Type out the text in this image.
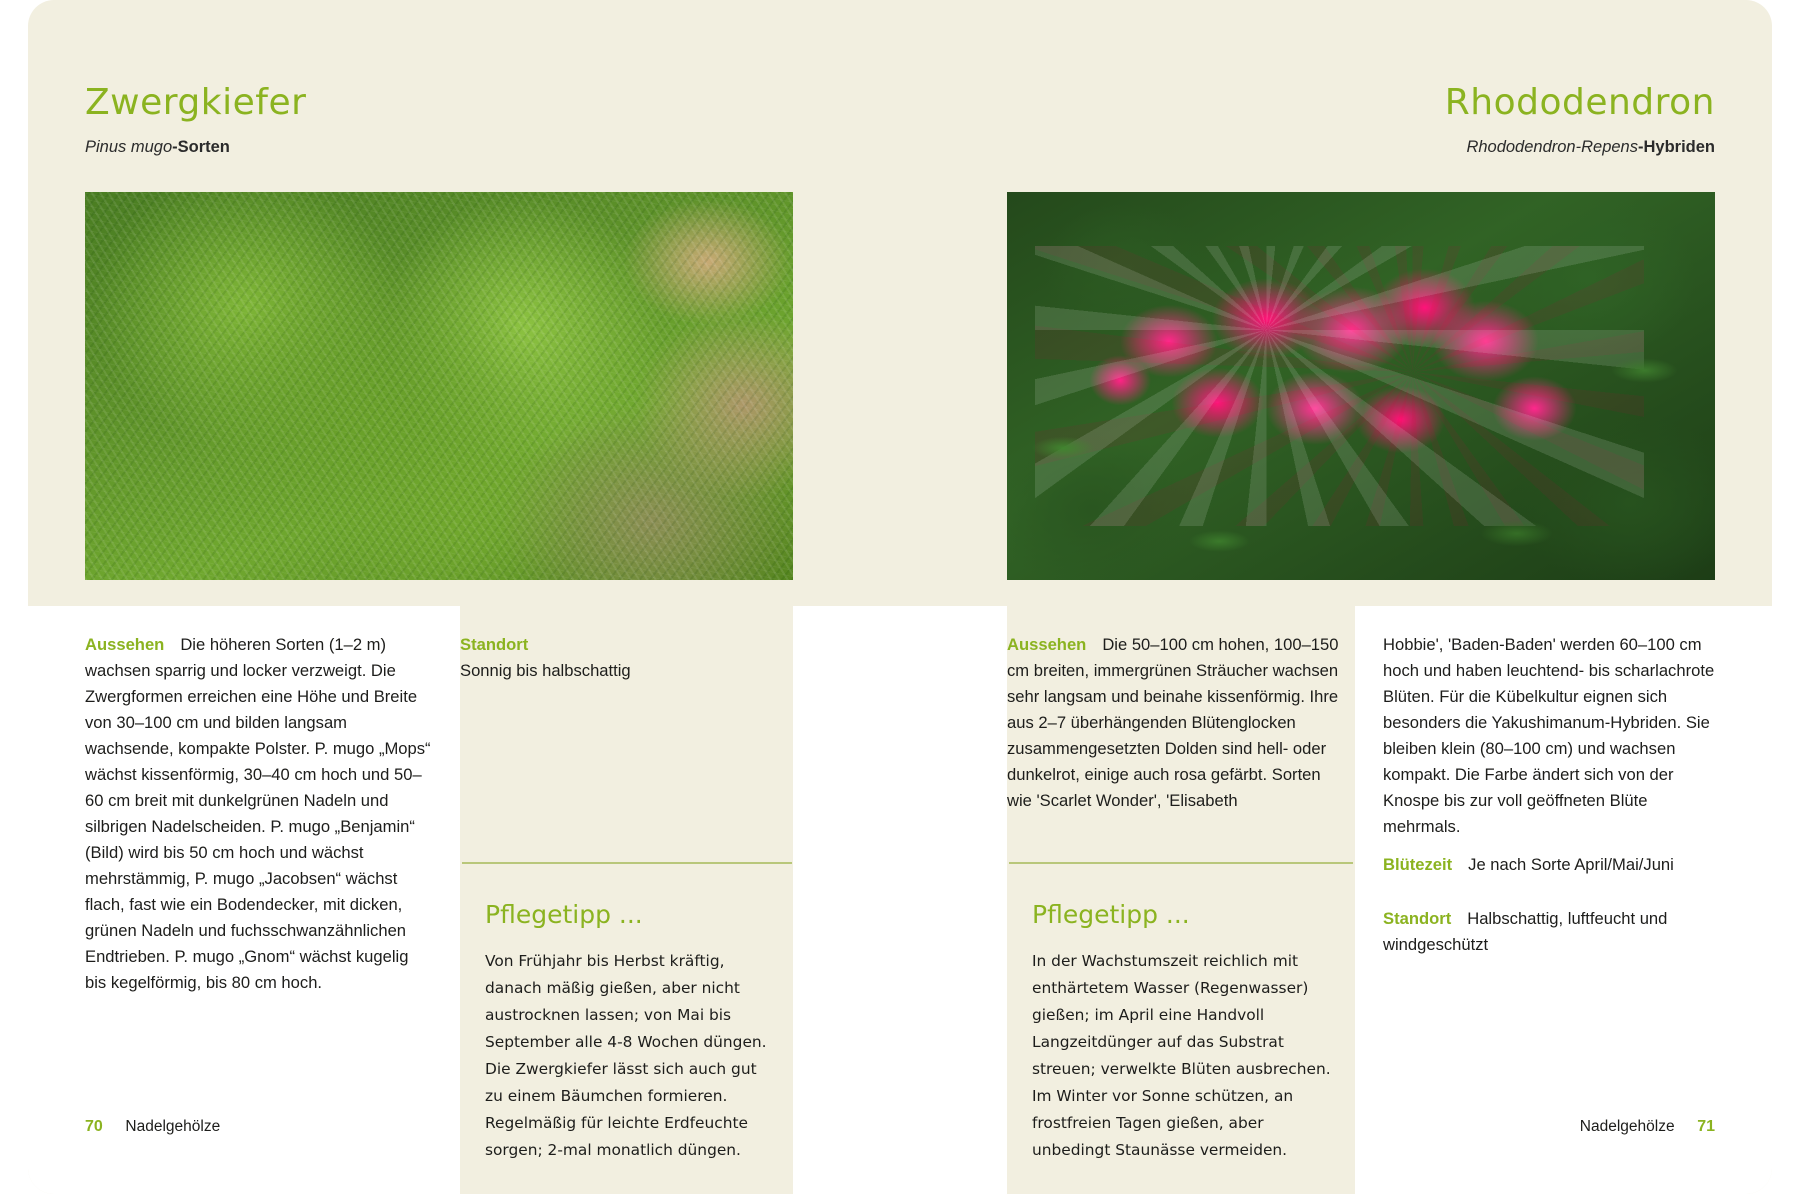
Zwergkiefer
Pinus mugo-Sorten

Aussehen Die höheren Sorten (1–2 m) wachsen sparrig und locker verzweigt. Die Zwergformen erreichen eine Höhe und Breite von 30–100 cm und bilden langsam wachsende, kompakte Polster. P. mugo „Mops“ wächst kissenförmig, 30–40 cm hoch und 50–60 cm breit mit dunkelgrünen Nadeln und silbrigen Nadelscheiden. P. mugo „Benjamin“ (Bild) wird bis 50 cm hoch und wächst mehrstämmig, P. mugo „Jacobsen“ wächst flach, fast wie ein Bodendecker, mit dicken, grünen Nadeln und fuchsschwanzähnlichen Endtrieben. P. mugo „Gnom“ wächst kugelig bis kegelförmig, bis 80 cm hoch.

Standort

Sonnig bis halbschattig

Pflegetipp ...
Von Frühjahr bis Herbst kräftig, danach mäßig gießen, aber nicht austrocknen lassen; von Mai bis September alle 4-8 Wochen düngen. Die Zwergkiefer lässt sich auch gut zu einem Bäumchen formieren. Regelmäßig für leichte Erdfeuchte sorgen; 2-mal monatlich düngen.
70 Nadelgehölze
Rhododendron
Rhododendron-Repens-Hybriden

Aussehen Die 50–100 cm hohen, 100–150 cm breiten, immergrünen Sträucher wachsen sehr langsam und beinahe kissenförmig. Ihre aus 2–7 überhängenden Blütenglocken zusammengesetzten Dolden sind hell- oder dunkelrot, einige auch rosa gefärbt. Sorten wie 'Scarlet Wonder', 'Elisabeth

Hobbie', 'Baden-Baden' werden 60–100 cm hoch und haben leuchtend- bis scharlachrote Blüten. Für die Kübelkultur eignen sich besonders die Yakushimanum-Hybriden. Sie bleiben klein (80–100 cm) und wachsen kompakt. Die Farbe ändert sich von der Knospe bis zur voll geöffneten Blüte mehrmals.

Blütezeit Je nach Sorte April/Mai/Juni

Standort Halbschattig, luftfeucht und windgeschützt

Pflegetipp ...
In der Wachstumszeit reichlich mit enthärtetem Wasser (Regenwasser) gießen; im April eine Handvoll Langzeitdünger auf das Substrat streuen; verwelkte Blüten ausbrechen. Im Winter vor Sonne schützen, an frostfreien Tagen gießen, aber unbedingt Staunässe vermeiden.
Nadelgehölze 71
